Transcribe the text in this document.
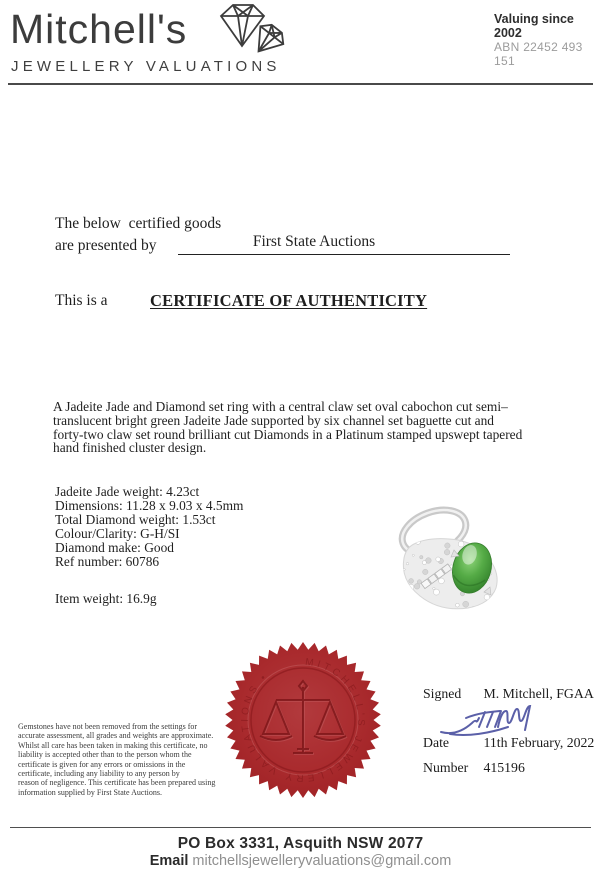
Mitchell's
JEWELLERY VALUATIONS
Valuing since 2002
ABN 22452 493 151
The below  certified goods
are presented by	First State Auctions
This is a	CERTIFICATE OF AUTHENTICITY
A Jadeite Jade and Diamond set ring with a central claw set oval cabochon cut semi–
translucent bright green Jadeite Jade supported by six channel set baguette cut and
forty-two claw set round brilliant cut Diamonds in a Platinum stamped upswept tapered
hand finished cluster design.
Jadeite Jade weight: 4.23ct
Dimensions: 11.28 x 9.03 x 4.5mm
Total Diamond weight: 1.53ct
Colour/Clarity: G-H/SI
Diamond make: Good
Ref number: 60786
Item weight: 16.9g
MITCHELL'S JEWELLERY VALUATIONS •
Gemstones have not been removed from the settings for
accurate assessment, all grades and weights are approximate.
Whilst all care has been taken in making this certificate, no
liability is accepted other than to the person whom the
certificate is given for any errors or omissions in the
certificate, including any liability to any person by
reason of negligence. This certificate has been prepared using
information supplied by First State Auctions.
Signed M. Mitchell, FGAA
Date 11th February, 2022
Number 415196
PO Box 3331, Asquith NSW 2077
Email mitchellsjewelleryvaluations@gmail.com
